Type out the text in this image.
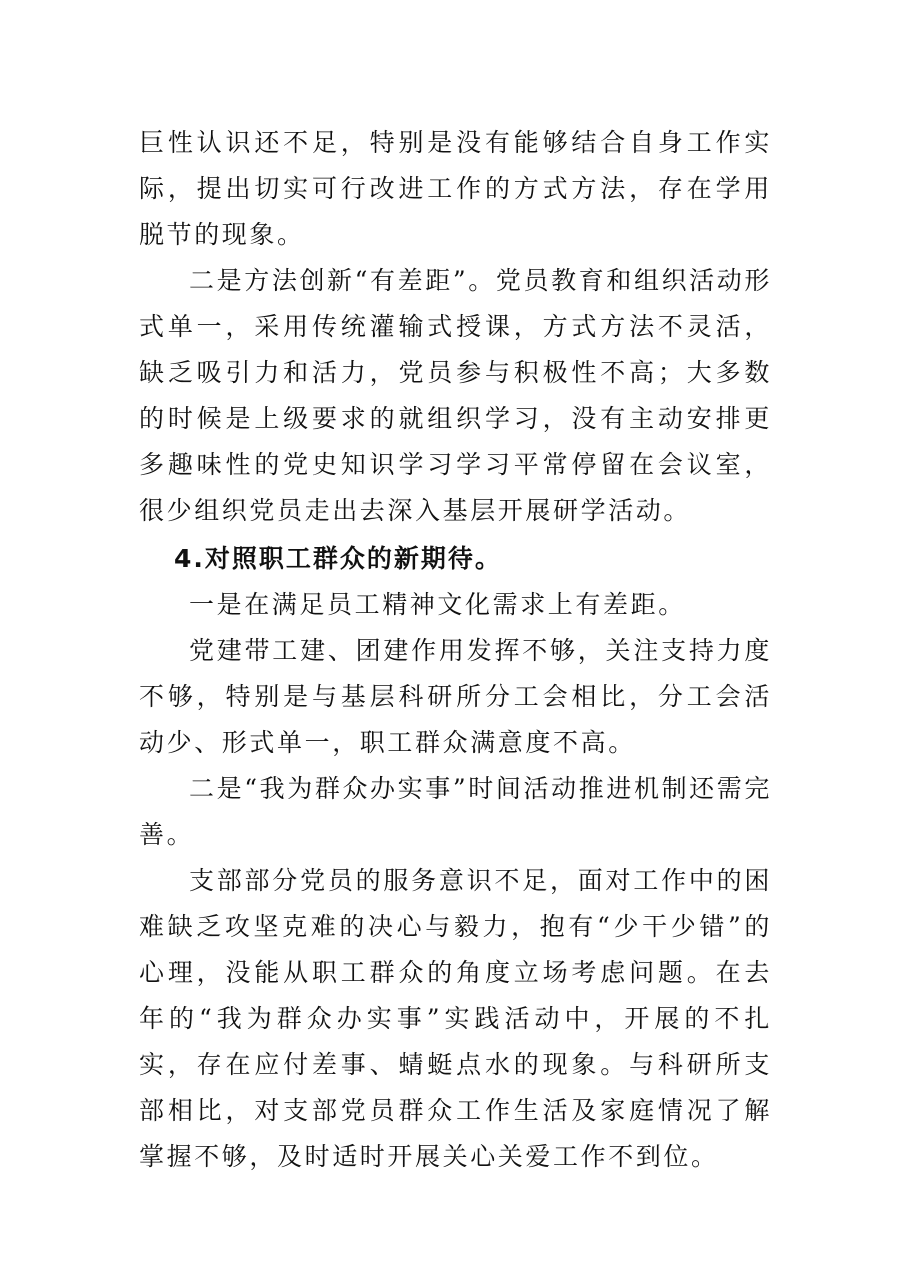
巨性认识还不足，特别是没有能够结合自身工作实际，提出切实可行改进工作的方式方法，存在学用脱节的现象。

二是方法创新“有差距”。党员教育和组织活动形式单一，采用传统灌输式授课，方式方法不灵活，缺乏吸引力和活力，党员参与积极性不高；大多数的时候是上级要求的就组织学习，没有主动安排更多趣味性的党史知识学习学习平常停留在会议室，很少组织党员走出去深入基层开展研学活动。

4.对照职工群众的新期待。

一是在满足员工精神文化需求上有差距。

党建带工建、团建作用发挥不够，关注支持力度不够，特别是与基层科研所分工会相比，分工会活动少、形式单一，职工群众满意度不高。

二是“我为群众办实事”时间活动推进机制还需完善。

支部部分党员的服务意识不足，面对工作中的困难缺乏攻坚克难的决心与毅力，抱有“少干少错”的心理，没能从职工群众的角度立场考虑问题。在去年的“我为群众办实事”实践活动中，开展的不扎实，存在应付差事、蜻蜓点水的现象。与科研所支部相比，对支部党员群众工作生活及家庭情况了解掌握不够，及时适时开展关心关爱工作不到位。
